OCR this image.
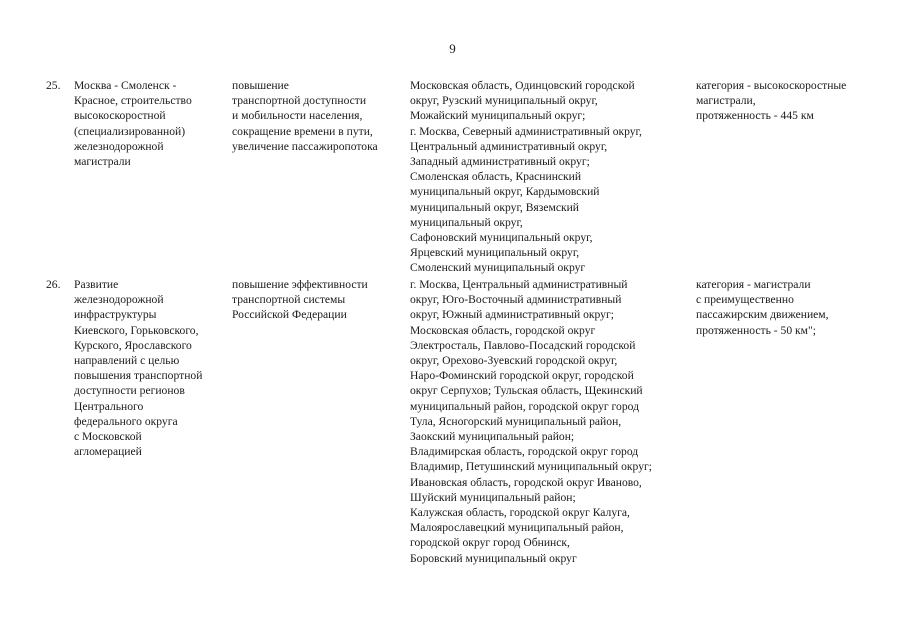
9
25.	Москва - Смоленск -
Красное, строительство
высокоскоростной
(специализированной)
железнодорожной
магистрали
повышение
транспортной доступности
и мобильности населения,
сокращение времени в пути,
увеличение пассажиропотока
Московская область, Одинцовский городской
округ, Рузский муниципальный округ,
Можайский муниципальный округ;
г. Москва, Северный административный округ,
Центральный административный округ,
Западный административный округ;
Смоленская область, Краснинский
муниципальный округ, Кардымовский
муниципальный округ, Вяземский
муниципальный округ,
Сафоновский муниципальный округ,
Ярцевский муниципальный округ,
Смоленский муниципальный округ
категория - высокоскоростные
магистрали,
протяженность - 445 км
26.	Развитие
железнодорожной
инфраструктуры
Киевского, Горьковского,
Курского, Ярославского
направлений с целью
повышения транспортной
доступности регионов
Центрального
федерального округа
с Московской
агломерацией
повышение эффективности
транспортной системы
Российской Федерации
г. Москва, Центральный административный
округ, Юго-Восточный административный
округ, Южный административный округ;
Московская область, городской округ
Электросталь, Павлово-Посадский городской
округ, Орехово-Зуевский городской округ,
Наро-Фоминский городской округ, городской
округ Серпухов; Тульская область, Щекинский
муниципальный район, городской округ город
Тула, Ясногорский муниципальный район,
Заокский муниципальный район;
Владимирская область, городской округ город
Владимир, Петушинский муниципальный округ;
Ивановская область, городской округ Иваново,
Шуйский муниципальный район;
Калужская область, городской округ Калуга,
Малоярославецкий муниципальный район,
городской округ город Обнинск,
Боровский муниципальный округ
категория - магистрали
с преимущественно
пассажирским движением,
протяженность - 50 км";
